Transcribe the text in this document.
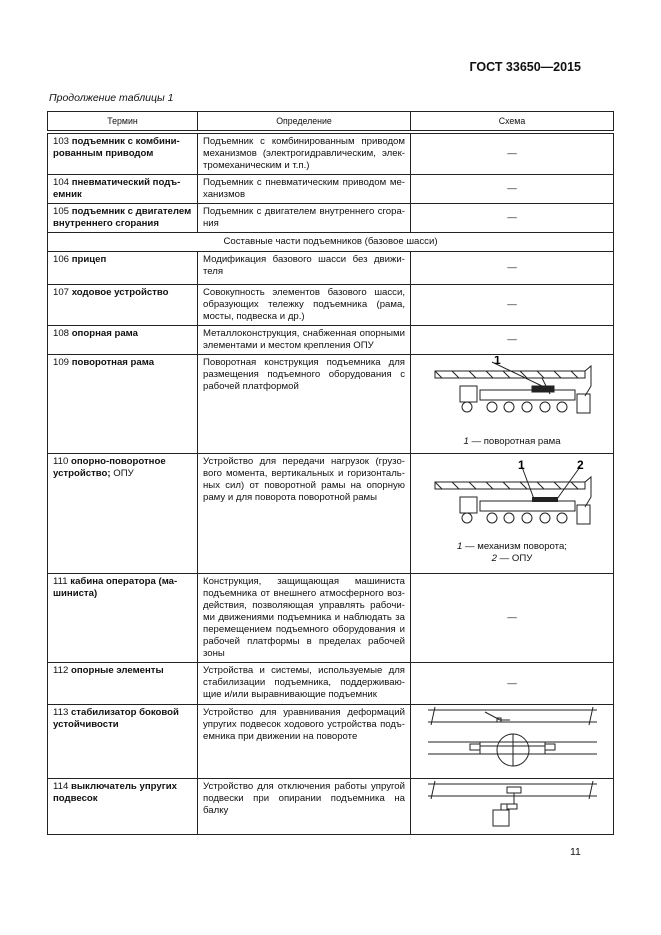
ГОСТ 33650—2015
Продолжение таблицы 1
Термин	Определение	Схема

103 подъемник с комбинированным приводом	Подъемник с комбинированным приводом механизмов (электрогидравлическим, электромеханическим и т.п.)	—
104 пневматический подъемник	Подъемник с пневматическим приводом механизмов	—
105 подъемник с двигателем внутреннего сгорания	Подъемник с двигателем внутреннего сгорания	—
Составные части подъемников (базовое шасси)		
106 прицеп	Модификация базового шасси без движителя	—
107 ходовое устройство	Совокупность элементов базового шасси, образующих тележку подъемника (рама, мосты, подвеска и др.)	—
108 опорная рама	Металлоконструкция, снабженная опорными элементами и местом крепления ОПУ	—
109 поворотная рама	Поворотная конструкция подъемника для размещения подъемного оборудования с рабочей платформой	1
1 — поворотная рама

110 опорно-поворотное устройство; ОПУ	Устройство для передачи нагрузок (грузового момента, вертикальных и горизонтальных сил) от поворотной рамы на опорную раму и для поворота поворотной рамы	1 2
1 — механизм поворота;
2 — ОПУ

111 кабина оператора (машиниста)	Конструкция, защищающая машиниста подъемника от внешнего атмосферного воздействия, позволяющая управлять рабочими движениями подъемника и наблюдать за перемещением подъемного оборудования и рабочей платформы в пределах рабочей зоны	—
112 опорные элементы	Устройства и системы, используемые для стабилизации подъемника, поддерживающие и/или выравнивающие подъемник	—
113 стабилизатор боковой устойчивости	Устройство для уравнивания деформаций упругих подвесок ходового устройства подъемника при движении на повороте	

114 выключатель упругих подвесок	Устройство для отключения работы упругой подвески при опирании подъемника на балку	
11
